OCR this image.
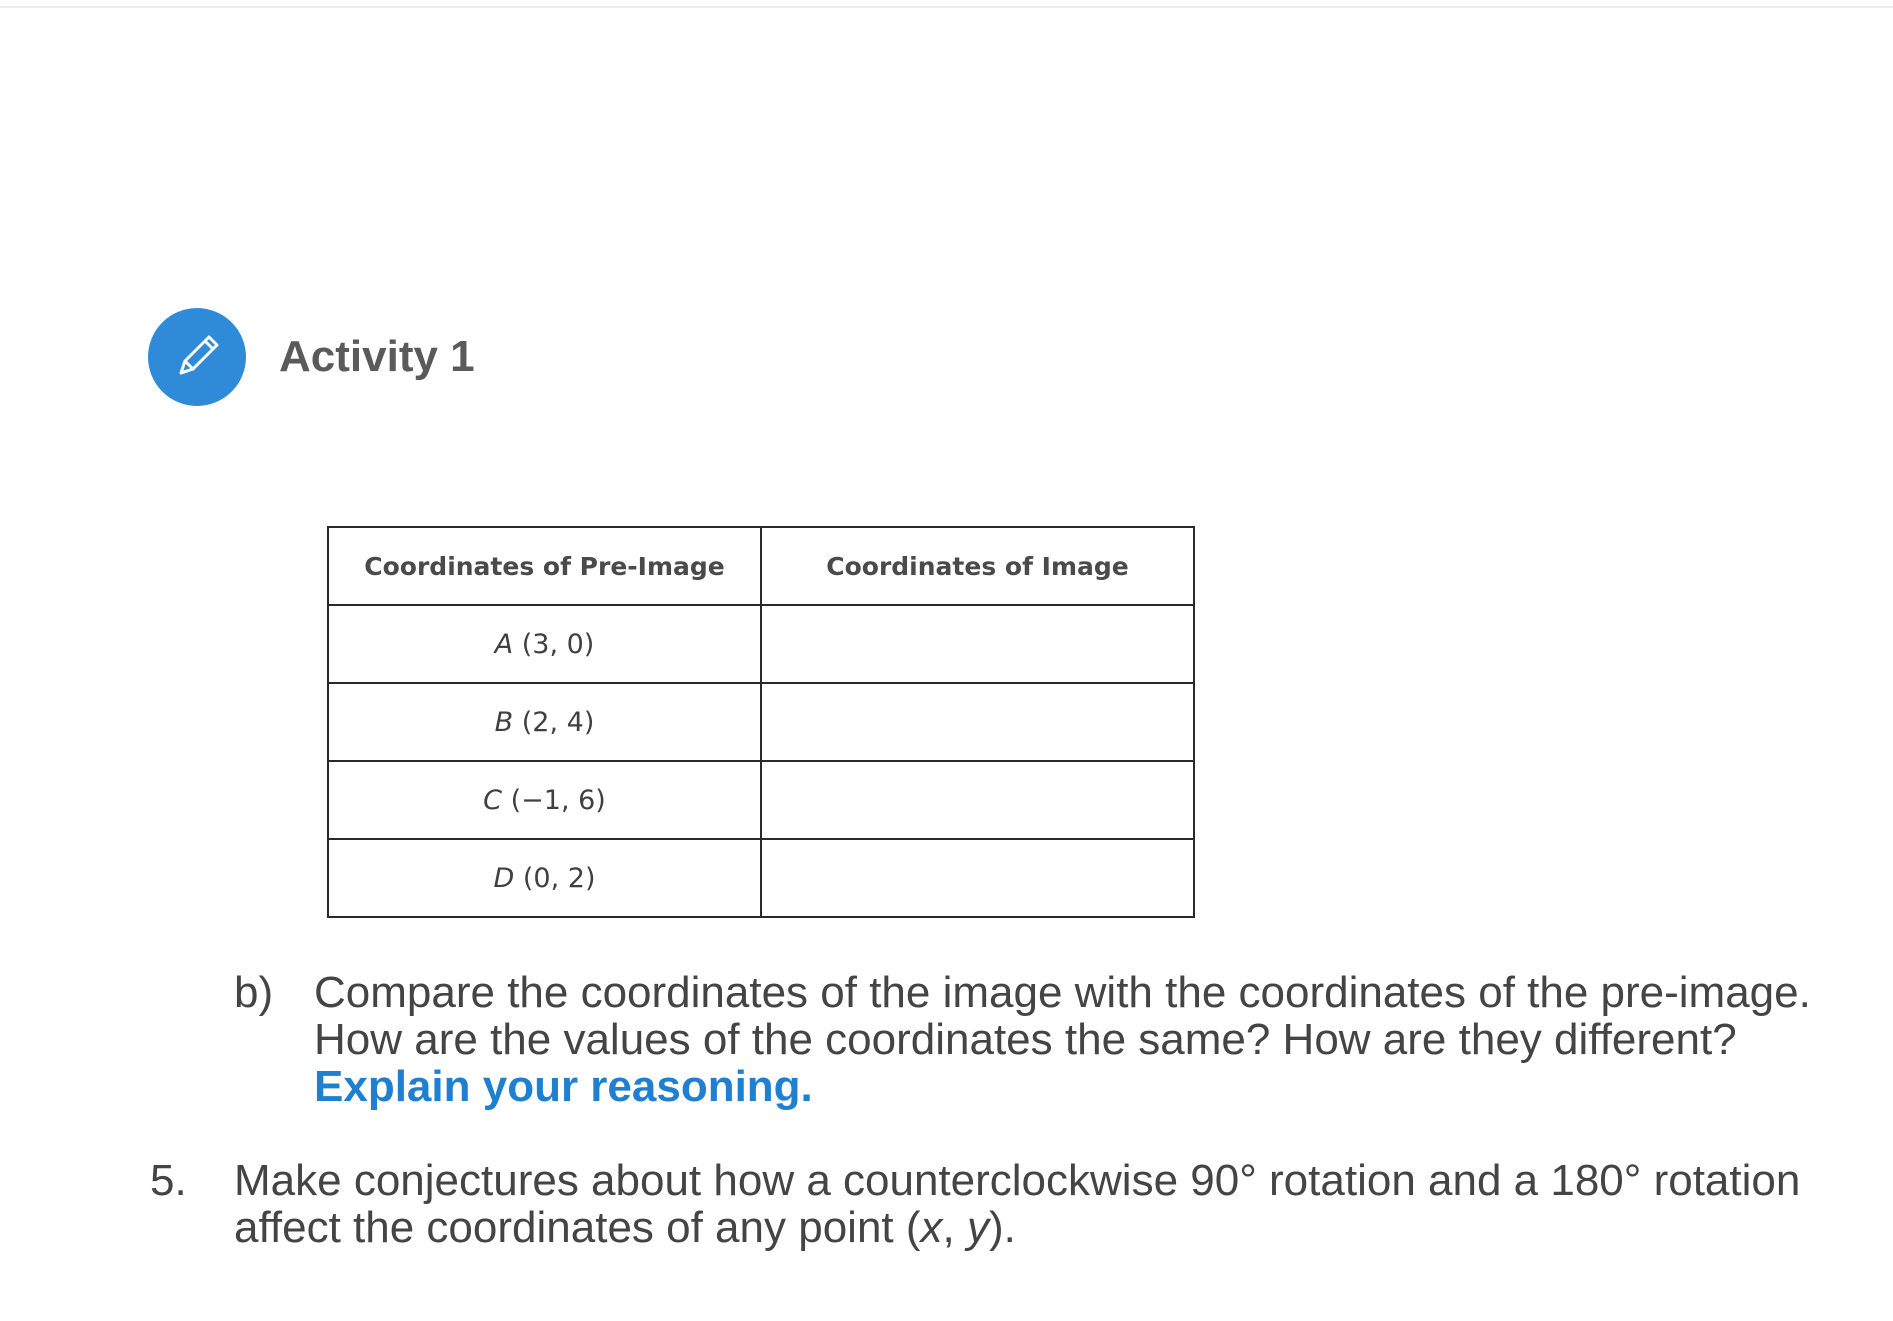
Activity 1
Coordinates of Pre-Image	Coordinates of Image
A (3, 0)	
B (2, 4)	
C (−1, 6)	
D (0, 2)	
b) Compare the coordinates of the image with the coordinates of the pre-image.
How are the values of the coordinates the same? How are they different?
Explain your reasoning.
5. Make conjectures about how a counterclockwise 90° rotation and a 180° rotation
affect the coordinates of any point (x, y).
